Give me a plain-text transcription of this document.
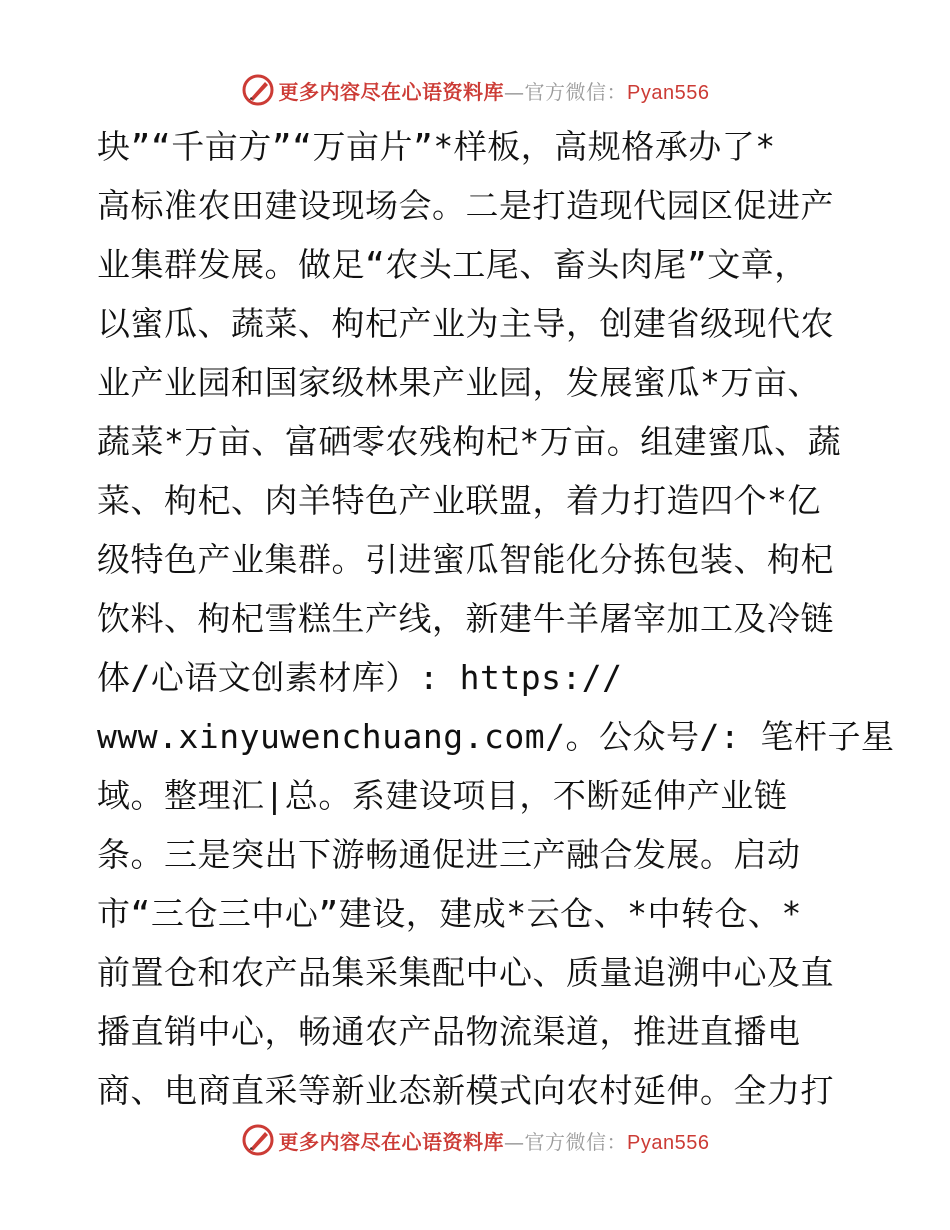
更多内容尽在心语资料库—官方微信：Pyan556
块”“千亩方”“万亩片”*样板，高规格承办了*
高标准农田建设现场会。二是打造现代园区促进产
业集群发展。做足“农头工尾、畜头肉尾”文章，
以蜜瓜、蔬菜、枸杞产业为主导，创建省级现代农
业产业园和国家级林果产业园，发展蜜瓜*万亩、
蔬菜*万亩、富硒零农残枸杞*万亩。组建蜜瓜、蔬
菜、枸杞、肉羊特色产业联盟，着力打造四个*亿
级特色产业集群。引进蜜瓜智能化分拣包装、枸杞
饮料、枸杞雪糕生产线，新建牛羊屠宰加工及冷链
体/心语文创素材库）: https://
www.xinyuwenchuang.com/。公众号/: 笔杆子星
域。整理汇|总。系建设项目，不断延伸产业链
条。三是突出下游畅通促进三产融合发展。启动
市“三仓三中心”建设，建成*云仓、*中转仓、*
前置仓和农产品集采集配中心、质量追溯中心及直
播直销中心，畅通农产品物流渠道，推进直播电
商、电商直采等新业态新模式向农村延伸。全力打
更多内容尽在心语资料库—官方微信：Pyan556
